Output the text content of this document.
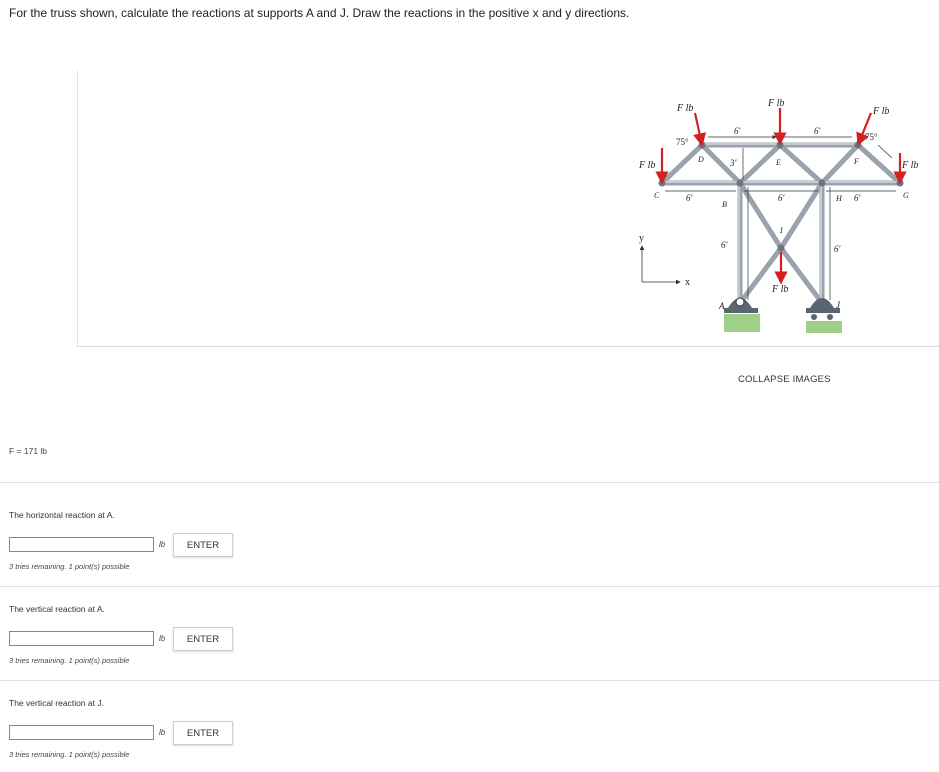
For the truss shown, calculate the reactions at supports A and J. Draw the reactions in the positive x and y directions.
F lb	F lb
F lb
F lb	F lb
F lb
75°	75°
6'	6'
3'
6'	6'	6'
6'	6'
C
D	E	F
G
B
H
I
A	J
x
y
COLLAPSE IMAGES
F = 171 lb
The horizontal reaction at A.
lb	ENTER
3 tries remaining. 1 point(s) possible
The vertical reaction at A.
lb	ENTER
3 tries remaining. 1 point(s) possible
The vertical reaction at J.
lb	ENTER
3 tries remaining. 1 point(s) possible
